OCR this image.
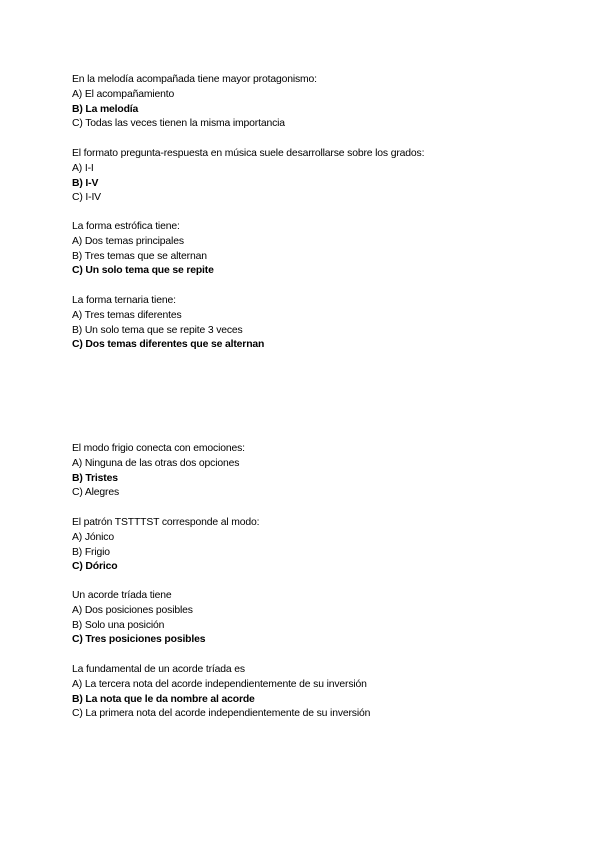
En la melodía acompañada tiene mayor protagonismo:
A) El acompañamiento
B) La melodía
C) Todas las veces tienen la misma importancia
El formato pregunta-respuesta en música suele desarrollarse sobre los grados:
A) I-I
B) I-V
C) I-IV
La forma estrófica tiene:
A) Dos temas principales
B) Tres temas que se alternan
C) Un solo tema que se repite
La forma ternaria tiene:
A) Tres temas diferentes
B) Un solo tema que se repite 3 veces
C) Dos temas diferentes que se alternan
El modo frigio conecta con emociones:
A) Ninguna de las otras dos opciones
B) Tristes
C) Alegres
El patrón TSTTTST corresponde al modo:
A) Jónico
B) Frigio
C) Dórico
Un acorde tríada tiene
A) Dos posiciones posibles
B) Solo una posición
C) Tres posiciones posibles
La fundamental de un acorde tríada es
A) La tercera nota del acorde independientemente de su inversión
B) La nota que le da nombre al acorde
C) La primera nota del acorde independientemente de su inversión
